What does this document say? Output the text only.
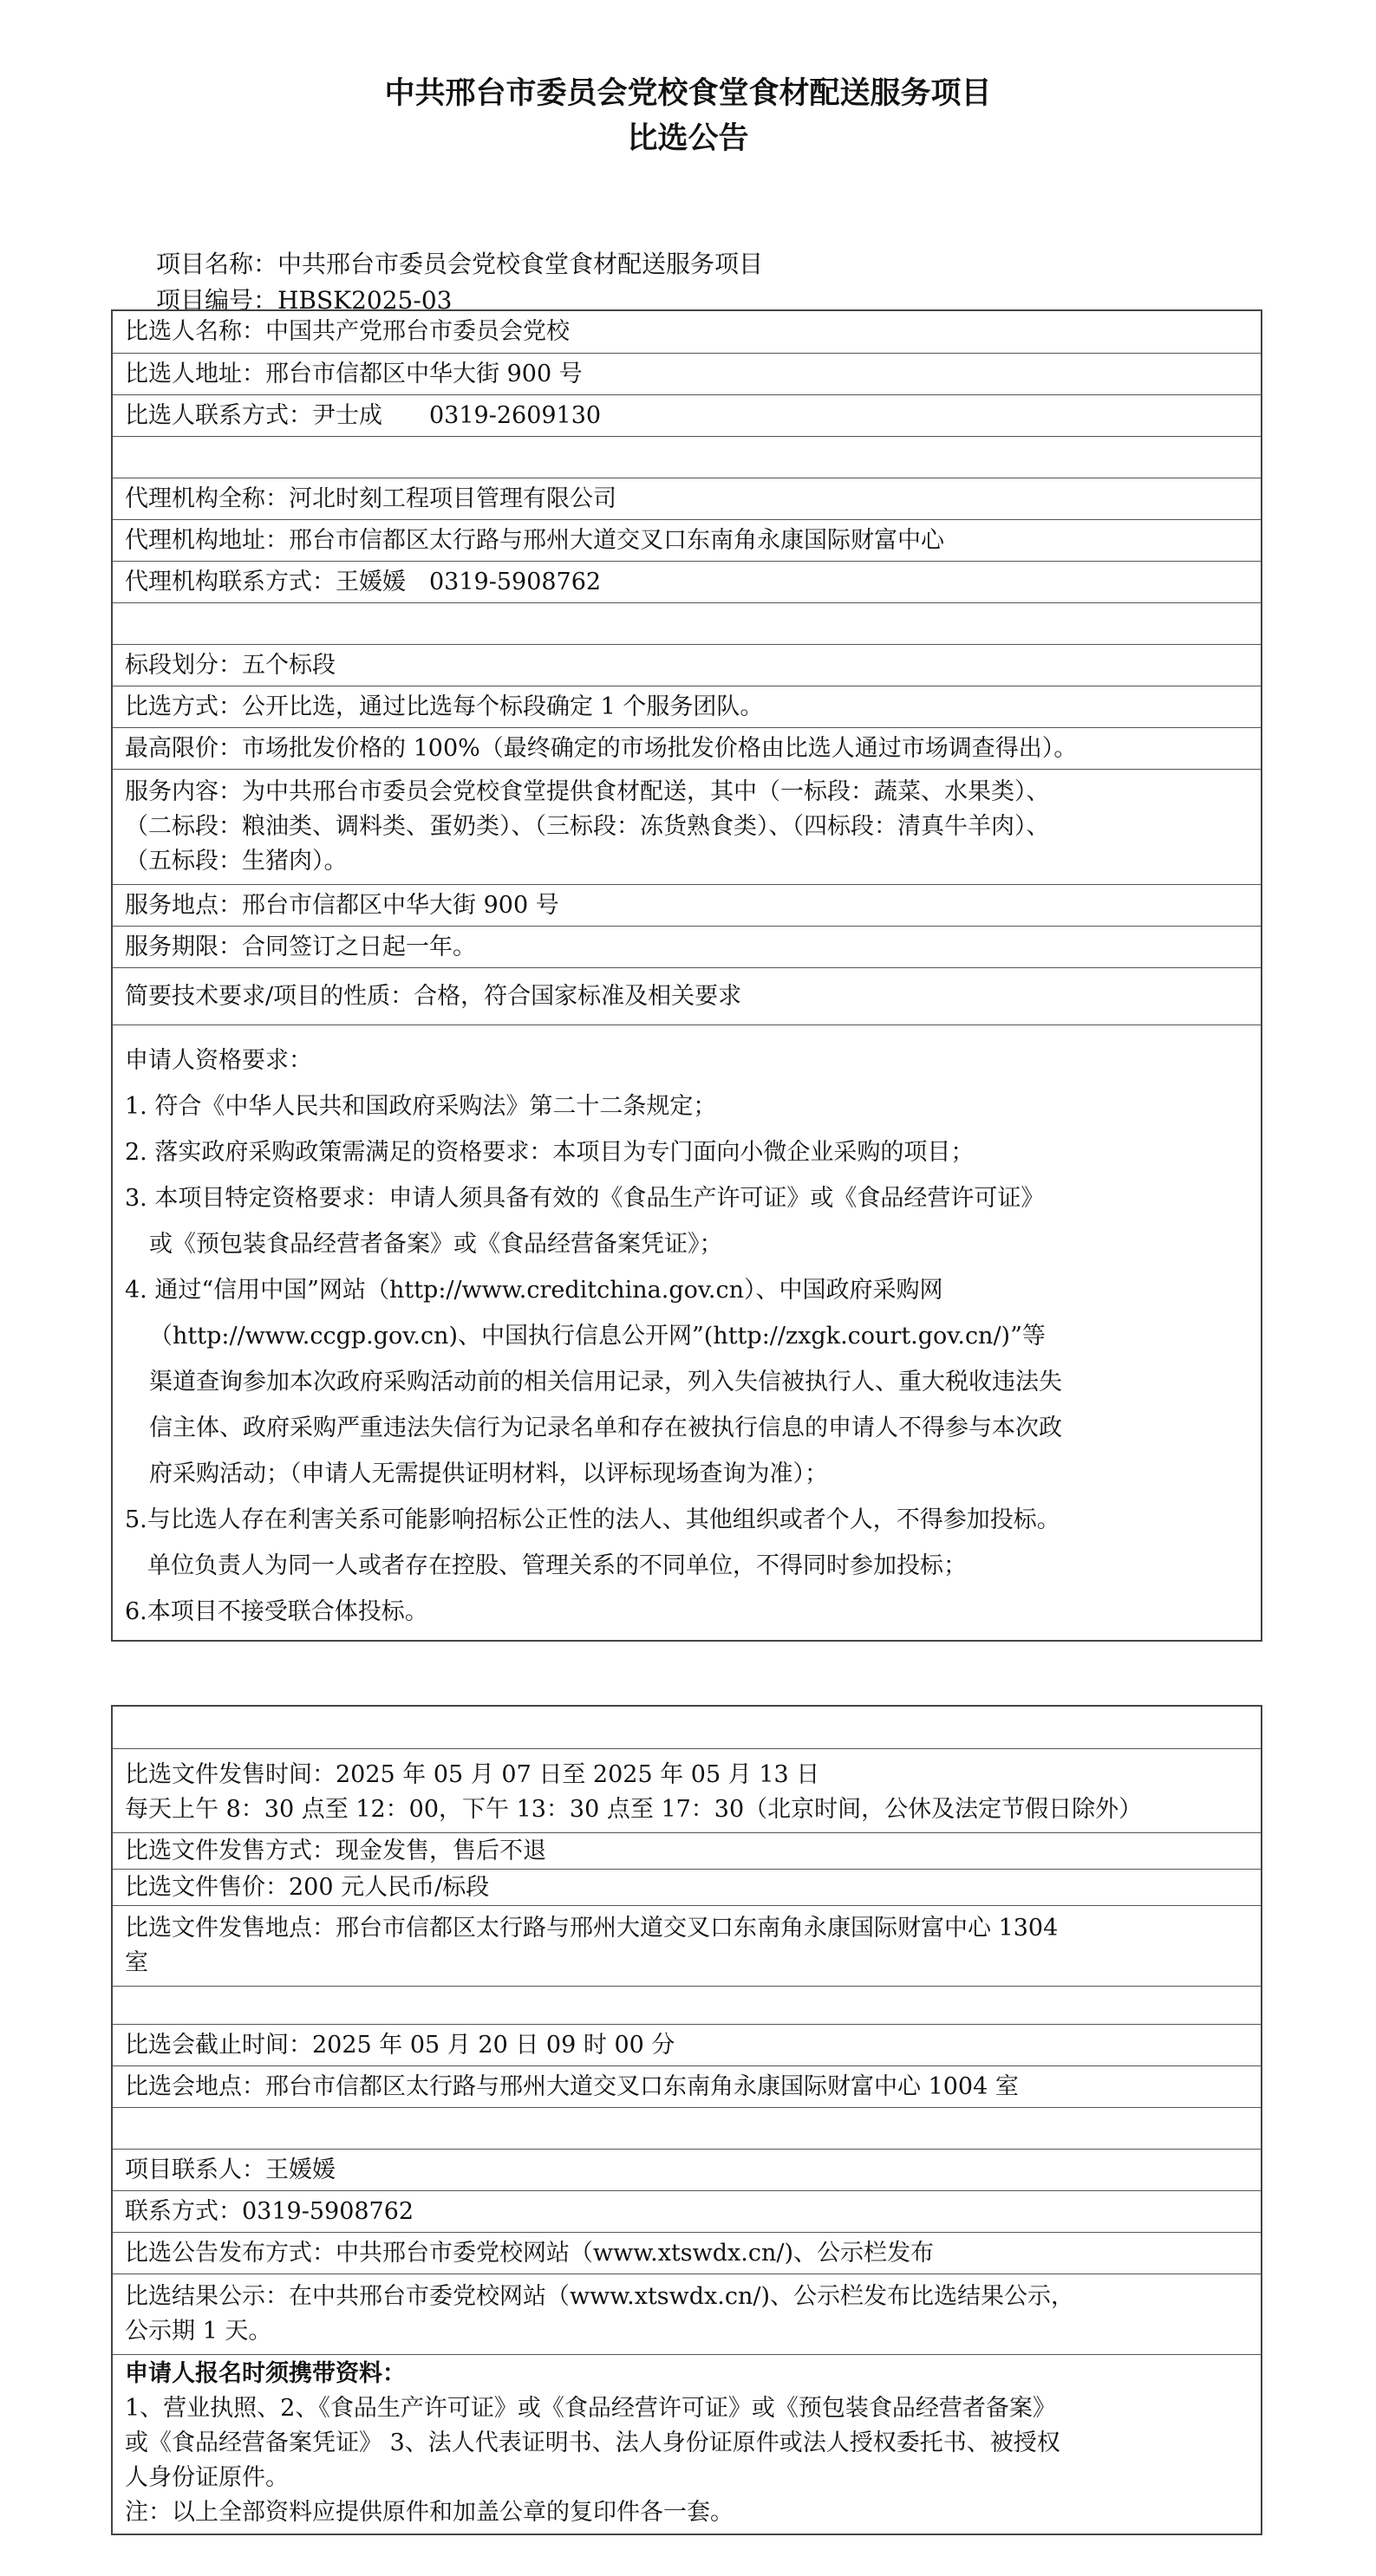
中共邢台市委员会党校食堂食材配送服务项目
比选公告
项目名称：中共邢台市委员会党校食堂食材配送服务项目
项目编号：HBSK2025-03
比选人名称：中国共产党邢台市委员会党校
比选人地址：邢台市信都区中华大街 900 号
比选人联系方式：尹士成　　0319-2609130
代理机构全称：河北时刻工程项目管理有限公司
代理机构地址：邢台市信都区太行路与邢州大道交叉口东南角永康国际财富中心
代理机构联系方式：王媛媛　0319-5908762
标段划分：五个标段
比选方式：公开比选，通过比选每个标段确定 1 个服务团队。
最高限价：市场批发价格的 100%（最终确定的市场批发价格由比选人通过市场调查得出）。
服务内容：为中共邢台市委员会党校食堂提供食材配送，其中（一标段：蔬菜、水果类）、
（二标段：粮油类、调料类、蛋奶类）、（三标段：冻货熟食类）、（四标段：清真牛羊肉）、
（五标段：生猪肉）。
服务地点：邢台市信都区中华大街 900 号
服务期限：合同签订之日起一年。
简要技术要求/项目的性质：合格，符合国家标准及相关要求
申请人资格要求：
1. 符合《中华人民共和国政府采购法》第二十二条规定；
2. 落实政府采购政策需满足的资格要求：本项目为专门面向小微企业采购的项目；
3. 本项目特定资格要求：申请人须具备有效的《食品生产许可证》或《食品经营许可证》
或《预包装食品经营者备案》或《食品经营备案凭证》；
4. 通过“信用中国”网站（http://www.creditchina.gov.cn）、中国政府采购网
（http://www.ccgp.gov.cn)、中国执行信息公开网”(http://zxgk.court.gov.cn/)”等
渠道查询参加本次政府采购活动前的相关信用记录，列入失信被执行人、重大税收违法失
信主体、政府采购严重违法失信行为记录名单和存在被执行信息的申请人不得参与本次政
府采购活动；（申请人无需提供证明材料，以评标现场查询为准）；
5.与比选人存在利害关系可能影响招标公正性的法人、其他组织或者个人，不得参加投标。
单位负责人为同一人或者存在控股、管理关系的不同单位，不得同时参加投标；
6.本项目不接受联合体投标。
比选文件发售时间：2025 年 05 月 07 日至 2025 年 05 月 13 日
每天上午 8：30 点至 12：00，下午 13：30 点至 17：30（北京时间，公休及法定节假日除外）
比选文件发售方式：现金发售，售后不退
比选文件售价：200 元人民币/标段
比选文件发售地点：邢台市信都区太行路与邢州大道交叉口东南角永康国际财富中心 1304
室
比选会截止时间：2025 年 05 月 20 日 09 时 00 分
比选会地点：邢台市信都区太行路与邢州大道交叉口东南角永康国际财富中心 1004 室
项目联系人：王媛媛
联系方式：0319-5908762
比选公告发布方式：中共邢台市委党校网站（www.xtswdx.cn/)、公示栏发布
比选结果公示：在中共邢台市委党校网站（www.xtswdx.cn/)、公示栏发布比选结果公示，
公示期 1 天。
申请人报名时须携带资料：
1、营业执照、2、《食品生产许可证》或《食品经营许可证》或《预包装食品经营者备案》
或《食品经营备案凭证》 3、法人代表证明书、法人身份证原件或法人授权委托书、被授权
人身份证原件。
注：以上全部资料应提供原件和加盖公章的复印件各一套。
